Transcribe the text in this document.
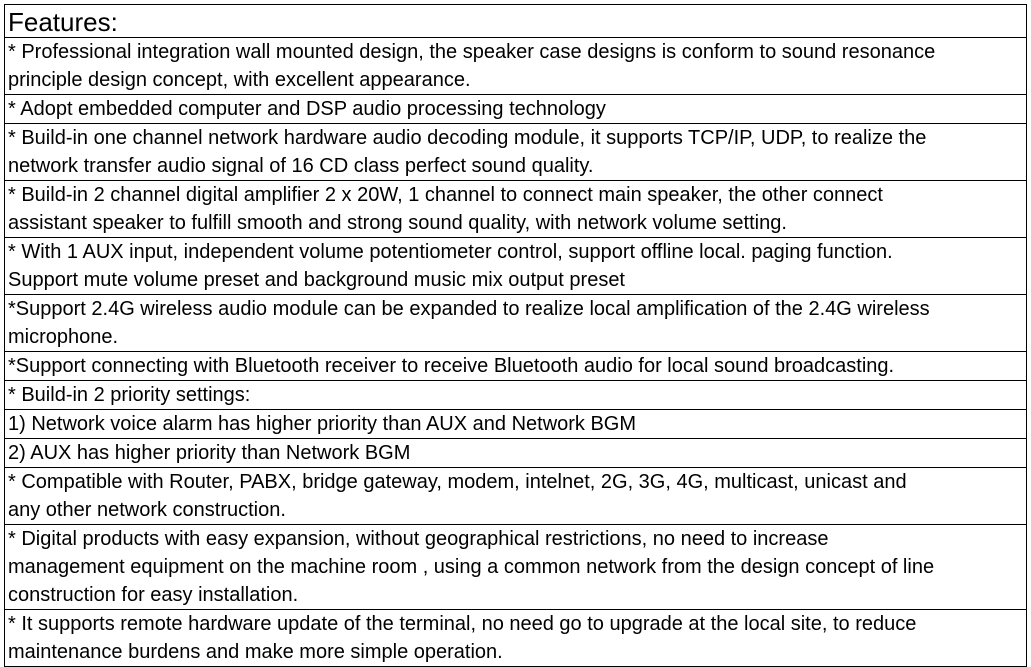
Features:

* Professional integration wall mounted design, the speaker case designs is conform to sound resonance
principle design concept, with excellent appearance.

* Adopt embedded computer and DSP audio processing technology

* Build-in one channel network hardware audio decoding module, it supports TCP/IP, UDP, to realize the
network transfer audio signal of 16 CD class perfect sound quality.

* Build-in 2 channel digital amplifier 2 x 20W, 1 channel to connect main speaker, the other connect
assistant speaker to fulfill smooth and strong sound quality, with network volume setting.

* With 1 AUX input, independent volume potentiometer control, support offline local. paging function.
Support mute volume preset and background music mix output preset

*Support 2.4G wireless audio module can be expanded to realize local amplification of the 2.4G wireless
microphone.

*Support connecting with Bluetooth receiver to receive Bluetooth audio for local sound broadcasting.

* Build-in 2 priority settings:

1) Network voice alarm has higher priority than AUX and Network BGM

2) AUX has higher priority than Network BGM

* Compatible with Router, PABX, bridge gateway, modem, intelnet, 2G, 3G, 4G, multicast, unicast and
any other network construction.

* Digital products with easy expansion, without geographical restrictions, no need to increase
management equipment on the machine room , using a common network from the design concept of line
construction for easy installation.

* It supports remote hardware update of the terminal, no need go to upgrade at the local site, to reduce
maintenance burdens and make more simple operation.
